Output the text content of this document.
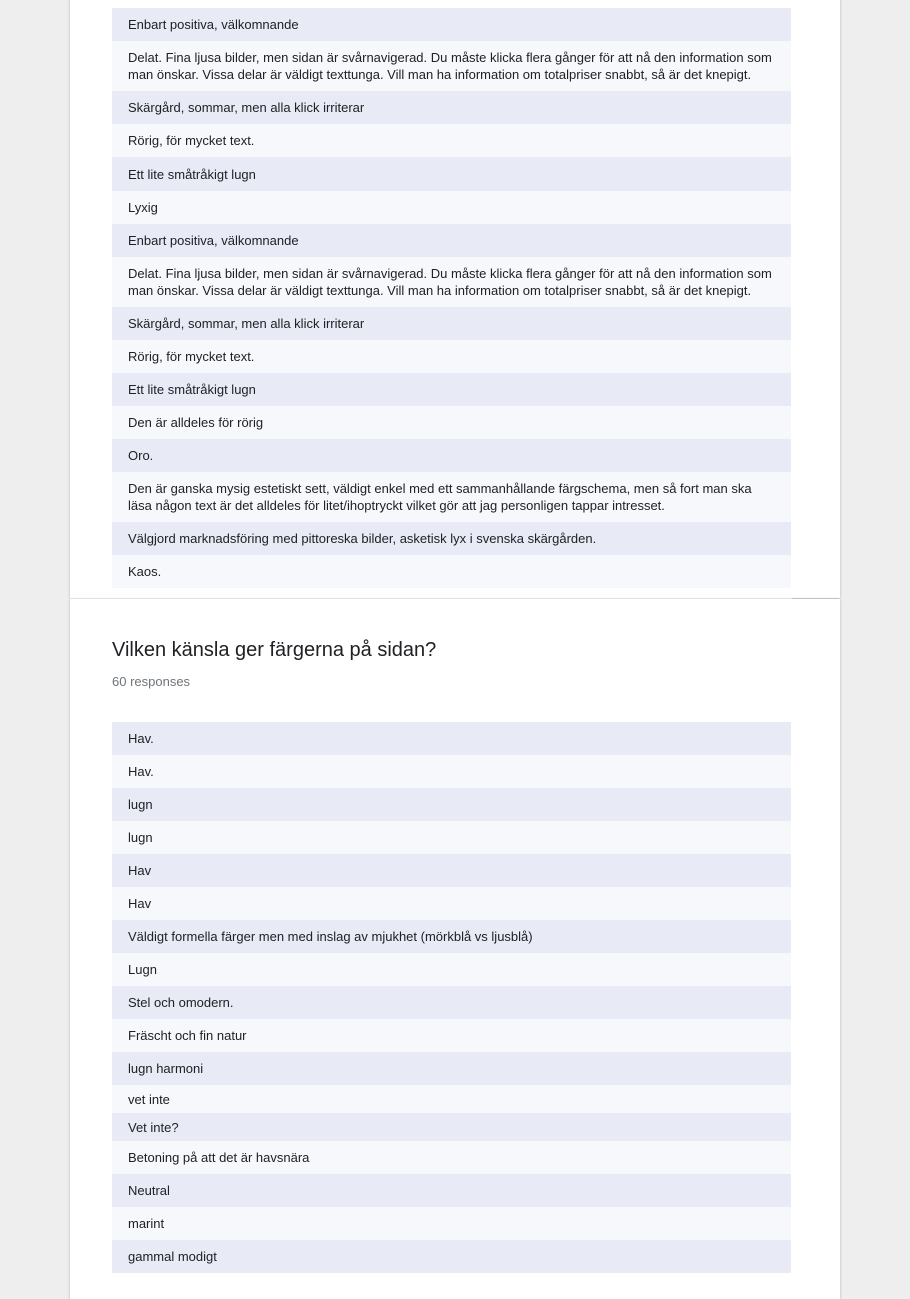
Enbart positiva, välkomnande
Delat. Fina ljusa bilder, men sidan är svårnavigerad. Du måste klicka flera gånger för att nå den information som man önskar. Vissa delar är väldigt texttunga. Vill man ha information om totalpriser snabbt, så är det knepigt.
Skärgård, sommar, men alla klick irriterar
Rörig, för mycket text.
Ett lite småtråkigt lugn
Lyxig
Enbart positiva, välkomnande
Delat. Fina ljusa bilder, men sidan är svårnavigerad. Du måste klicka flera gånger för att nå den information som man önskar. Vissa delar är väldigt texttunga. Vill man ha information om totalpriser snabbt, så är det knepigt.
Skärgård, sommar, men alla klick irriterar
Rörig, för mycket text.
Ett lite småtråkigt lugn
Den är alldeles för rörig
Oro.
Den är ganska mysig estetiskt sett, väldigt enkel med ett sammanhållande färgschema, men så fort man ska läsa någon text är det alldeles för litet/ihoptryckt vilket gör att jag personligen tappar intresset.
Välgjord marknadsföring med pittoreska bilder, asketisk lyx i svenska skärgården.
Kaos.
Vilken känsla ger färgerna på sidan?
60 responses
Hav.
Hav.
lugn
lugn
Hav
Hav
Väldigt formella färger men med inslag av mjukhet (mörkblå vs ljusblå)
Lugn
Stel och omodern.
Fräscht och fin natur
lugn harmoni
vet inte
Vet inte?
Betoning på att det är havsnära
Neutral
marint
gammal modigt
